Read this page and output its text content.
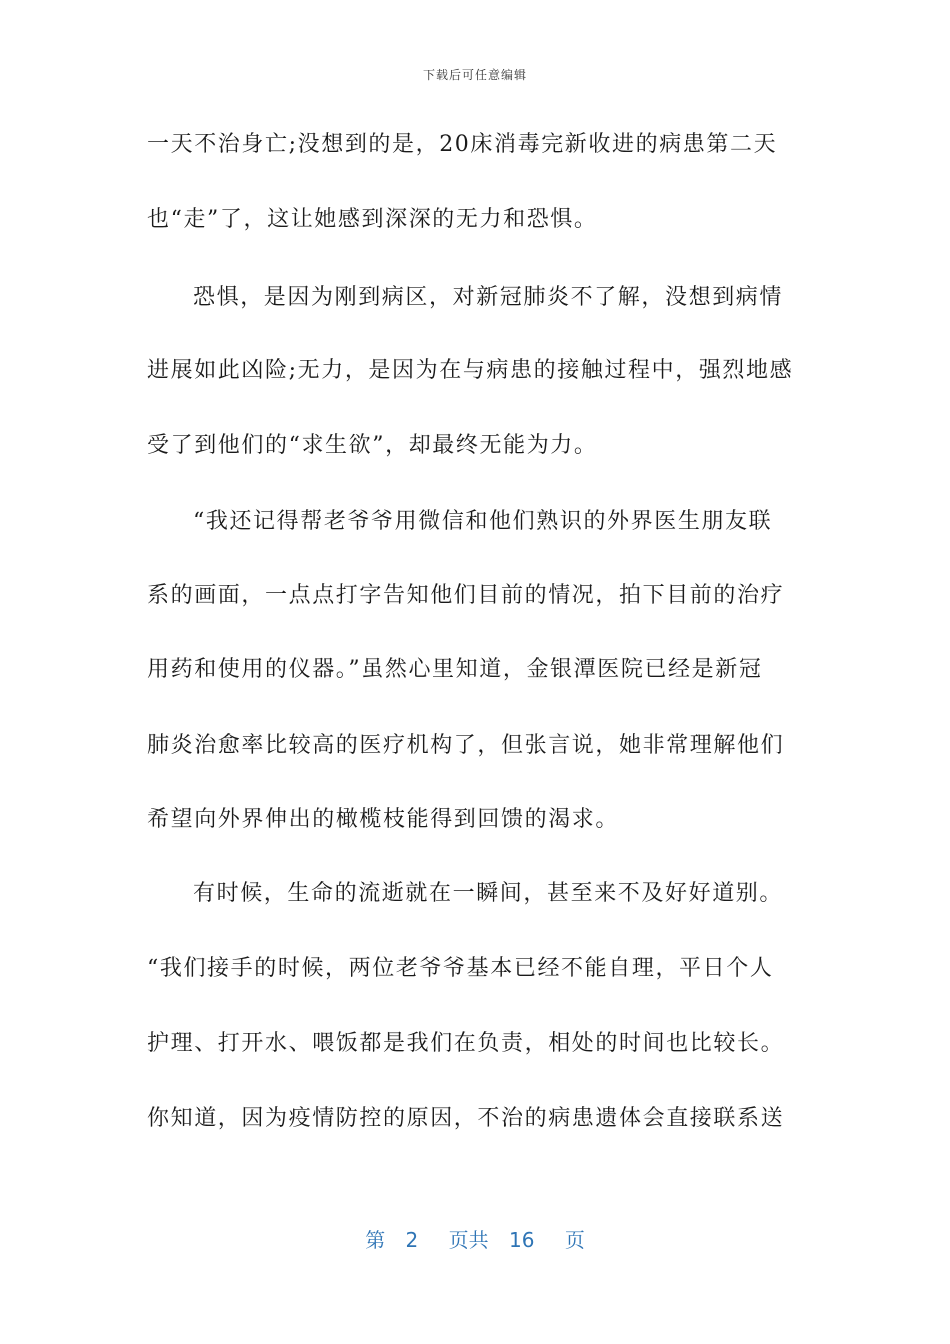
下载后可任意编辑
一天不治身亡;没想到的是，20床消毒完新收进的病患第二天
也“走”了，这让她感到深深的无力和恐惧。
恐惧，是因为刚到病区，对新冠肺炎不了解，没想到病情
进展如此凶险;无力，是因为在与病患的接触过程中，强烈地感
受了到他们的“求生欲”，却最终无能为力。
“我还记得帮老爷爷用微信和他们熟识的外界医生朋友联
系的画面，一点点打字告知他们目前的情况，拍下目前的治疗
用药和使用的仪器。”虽然心里知道，金银潭医院已经是新冠
肺炎治愈率比较高的医疗机构了，但张言说，她非常理解他们
希望向外界伸出的橄榄枝能得到回馈的渴求。
有时候，生命的流逝就在一瞬间，甚至来不及好好道别。
“我们接手的时候，两位老爷爷基本已经不能自理，平日个人
护理、打开水、喂饭都是我们在负责，相处的时间也比较长。
你知道，因为疫情防控的原因，不治的病患遗体会直接联系送
第 2 页共 16 页
